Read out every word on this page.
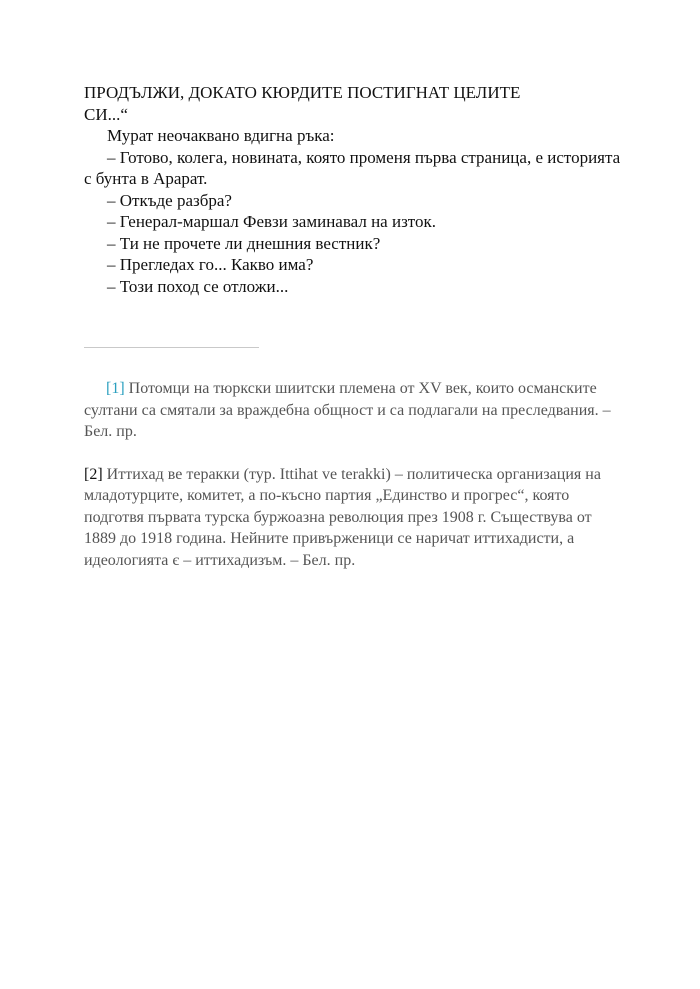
ПРОДЪЛЖИ, ДОКАТО КЮРДИТЕ ПОСТИГНАТ ЦЕЛИТЕ

СИ...“

Мурат неочаквано вдигна ръка:

– Готово, колега, новината, която променя първа страница, е историята с бунта в Арарат.

– Откъде разбра?

– Генерал-маршал Февзи заминавал на изток.

– Ти не прочете ли днешния вестник?

– Прегледах го... Какво има?

– Този поход се отложи...

[1] Потомци на тюркски шиитски племена от XV век, които османските султани са смятали за враждебна общност и са подлагали на преследвания. – Бел. пр.

[2] Иттихад ве теракки (тур. Ittihat ve terakki) – политическа организация на младотурците, комитет, а по-късно партия „Единство и прогрес“, която подготвя първата турска буржоазна революция през 1908 г. Съществува от 1889 до 1918 година. Нейните привърженици се наричат иттихадисти, а идеологията є – иттихадизъм. – Бел. пр.
